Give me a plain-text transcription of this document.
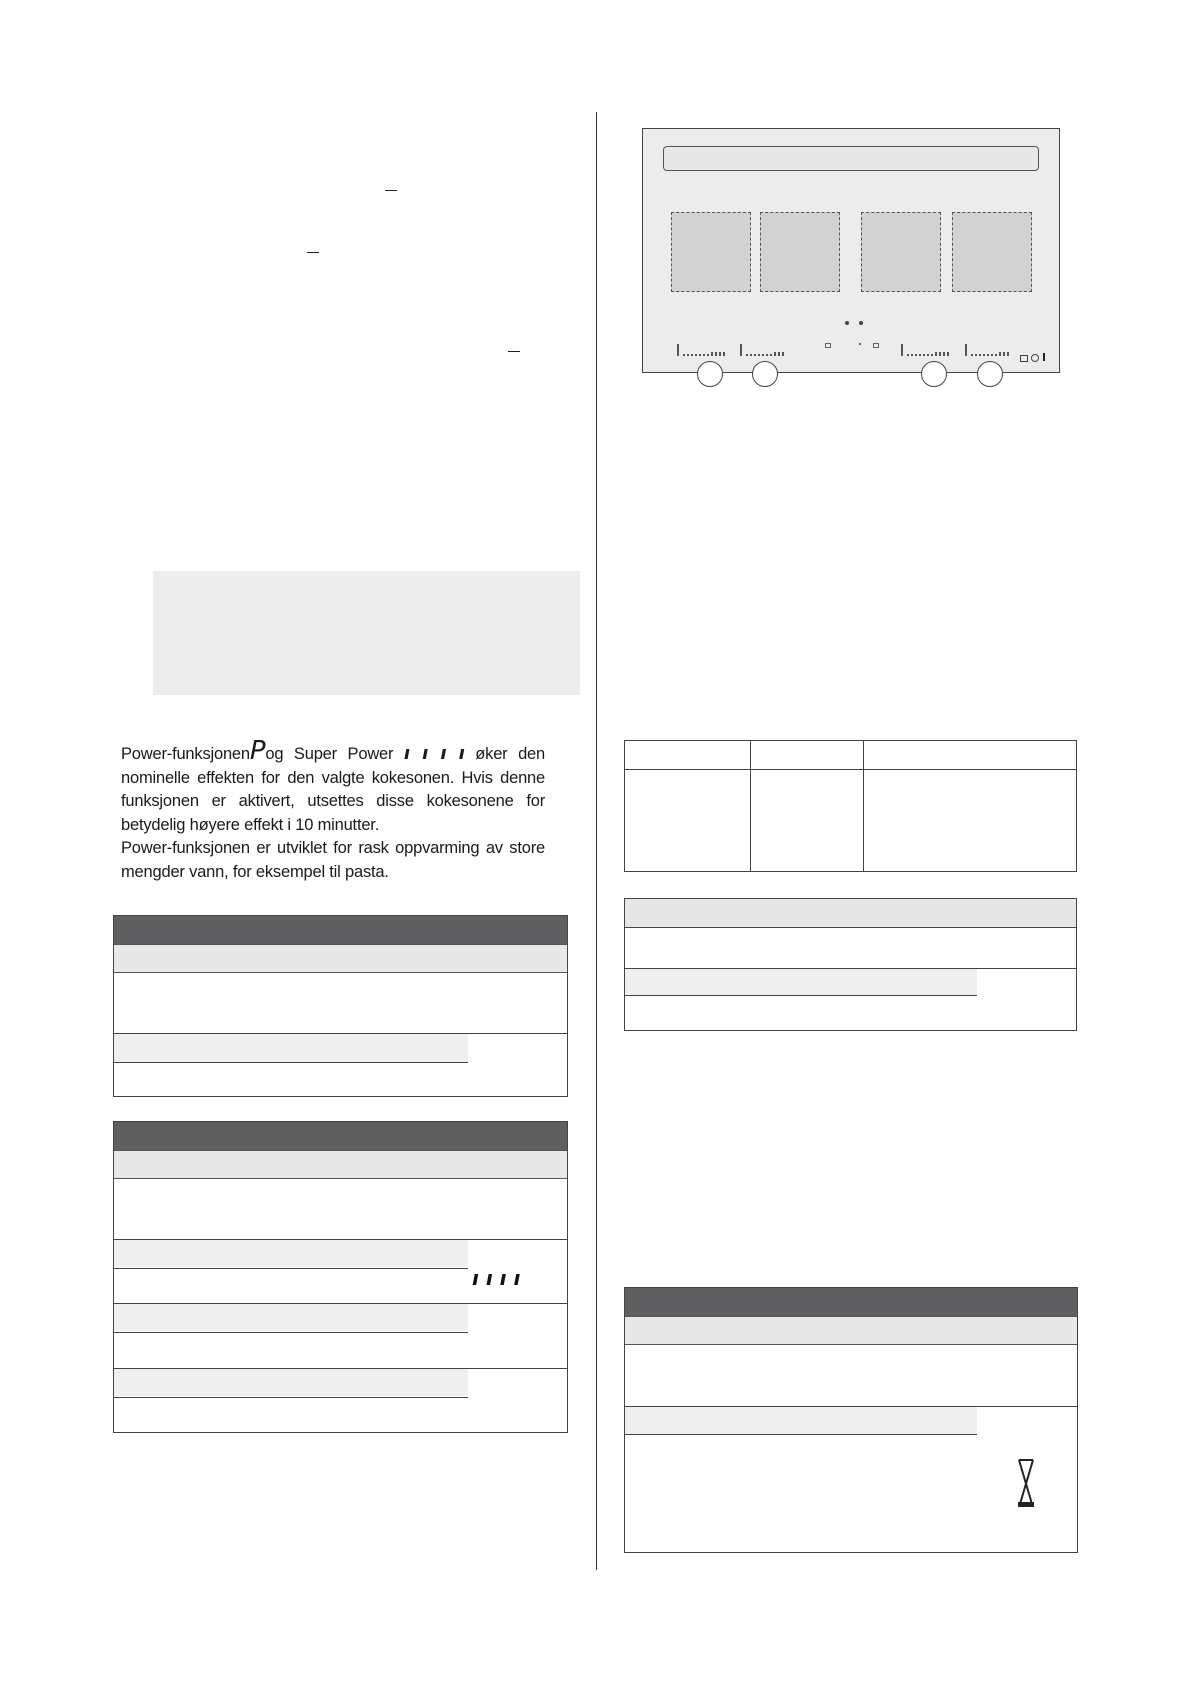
Power-funksjonenPog Super Power ı ı ı ı øker den nominelle effekten for den valgte kokesonen. Hvis denne funksjonen er aktivert, utsettes disse kokesonene for betydelig høyere effekt i 10 minutter.

Power-funksjonen er utviklet for rask oppvarming av store mengder vann, for eksempel til pasta.

ı ı ı ı
